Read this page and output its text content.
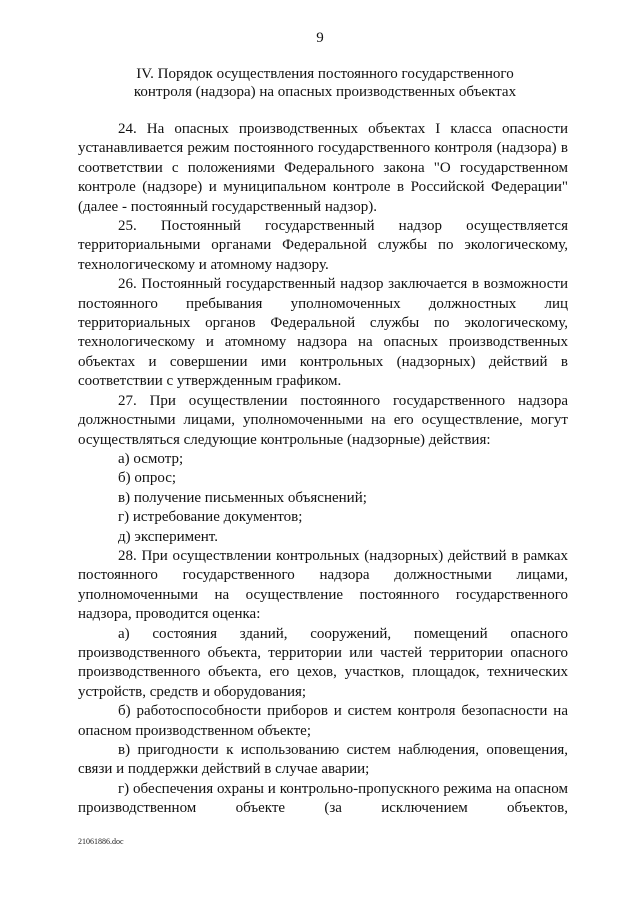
9
IV. Порядок осуществления постоянного государственного
контроля (надзора) на опасных производственных объектах

24. На опасных производственных объектах I класса опасности устанавливается режим постоянного государственного контроля (надзора) в соответствии с положениями Федерального закона "О государственном контроле (надзоре) и муниципальном контроле в Российской Федерации" (далее - постоянный государственный надзор).

25. Постоянный государственный надзор осуществляется территориальными органами Федеральной службы по экологическому, технологическому и атомному надзору.

26. Постоянный государственный надзор заключается в возможности постоянного пребывания уполномоченных должностных лиц территориальных органов Федеральной службы по экологическому, технологическому и атомному надзора на опасных производственных объектах и совершении ими контрольных (надзорных) действий в соответствии с утвержденным графиком.

27. При осуществлении постоянного государственного надзора должностными лицами, уполномоченными на его осуществление, могут осуществляться следующие контрольные (надзорные) действия:

а) осмотр;

б) опрос;

в) получение письменных объяснений;

г) истребование документов;

д) эксперимент.

28. При осуществлении контрольных (надзорных) действий в рамках постоянного государственного надзора должностными лицами, уполномоченными на осуществление постоянного государственного надзора, проводится оценка:

а) состояния зданий, сооружений, помещений опасного производственного объекта, территории или частей территории опасного производственного объекта, его цехов, участков, площадок, технических устройств, средств и оборудования;

б) работоспособности приборов и систем контроля безопасности на опасном производственном объекте;

в) пригодности к использованию систем наблюдения, оповещения, связи и поддержки действий в случае аварии;

г) обеспечения охраны и контрольно-пропускного режима на опасном производственном объекте (за исключением объектов,

21061886.doc
